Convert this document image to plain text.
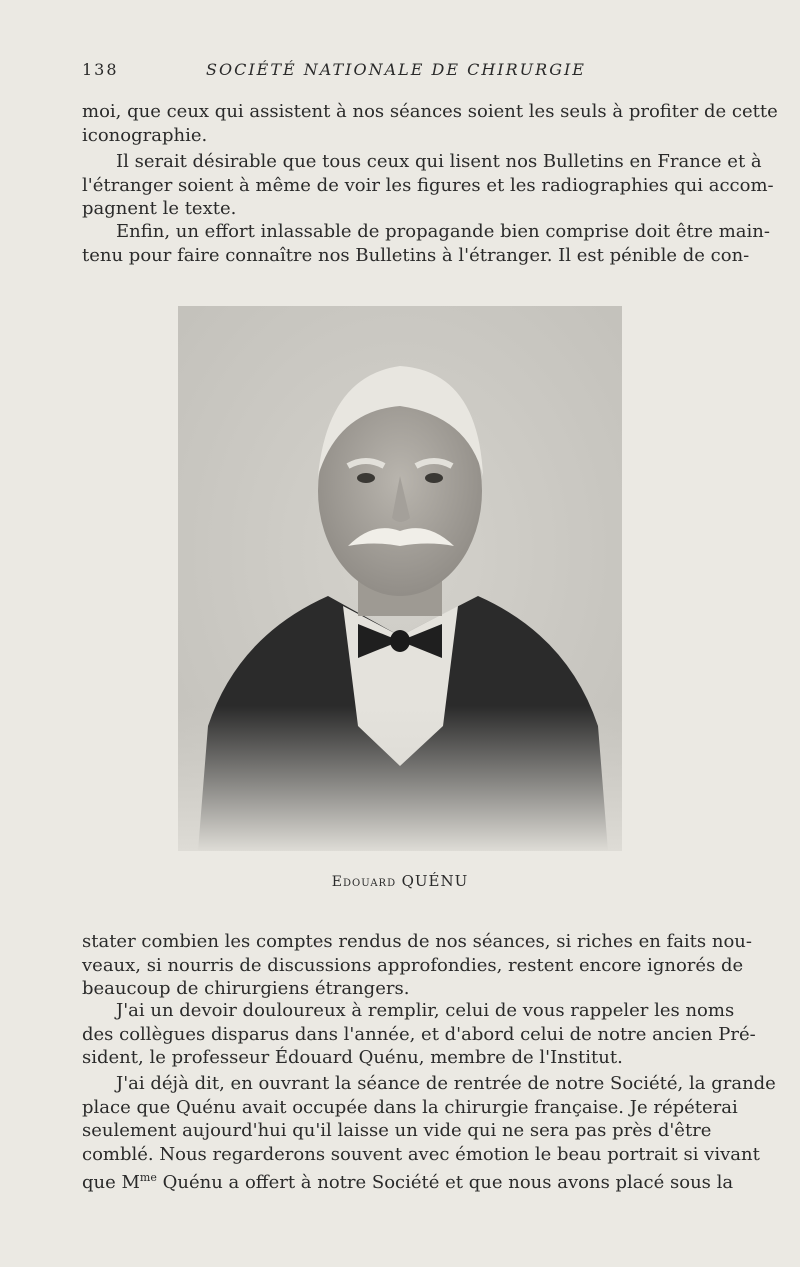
138	SOCIÉTÉ NATIONALE DE CHIRURGIE
moi, que ceux qui assistent à nos séances soient les seuls à profiter de cette
iconographie.
Il serait désirable que tous ceux qui lisent nos Bulletins en France et à
l'étranger soient à même de voir les figures et les radiographies qui accom-
pagnent le texte.
Enfin, un effort inlassable de propagande bien comprise doit être main-
tenu pour faire connaître nos Bulletins à l'étranger. Il est pénible de con-
Edouard QUÉNU
stater combien les comptes rendus de nos séances, si riches en faits nou-
veaux, si nourris de discussions approfondies, restent encore ignorés de
beaucoup de chirurgiens étrangers.
J'ai un devoir douloureux à remplir, celui de vous rappeler les noms
des collègues disparus dans l'année, et d'abord celui de notre ancien Pré-
sident, le professeur Édouard Quénu, membre de l'Institut.
J'ai déjà dit, en ouvrant la séance de rentrée de notre Société, la grande
place que Quénu avait occupée dans la chirurgie française. Je répéterai
seulement aujourd'hui qu'il laisse un vide qui ne sera pas près d'être
comblé. Nous regarderons souvent avec émotion le beau portrait si vivant
que $M^{me}$ Quénu a offert à notre Société et que nous avons placé sous la
